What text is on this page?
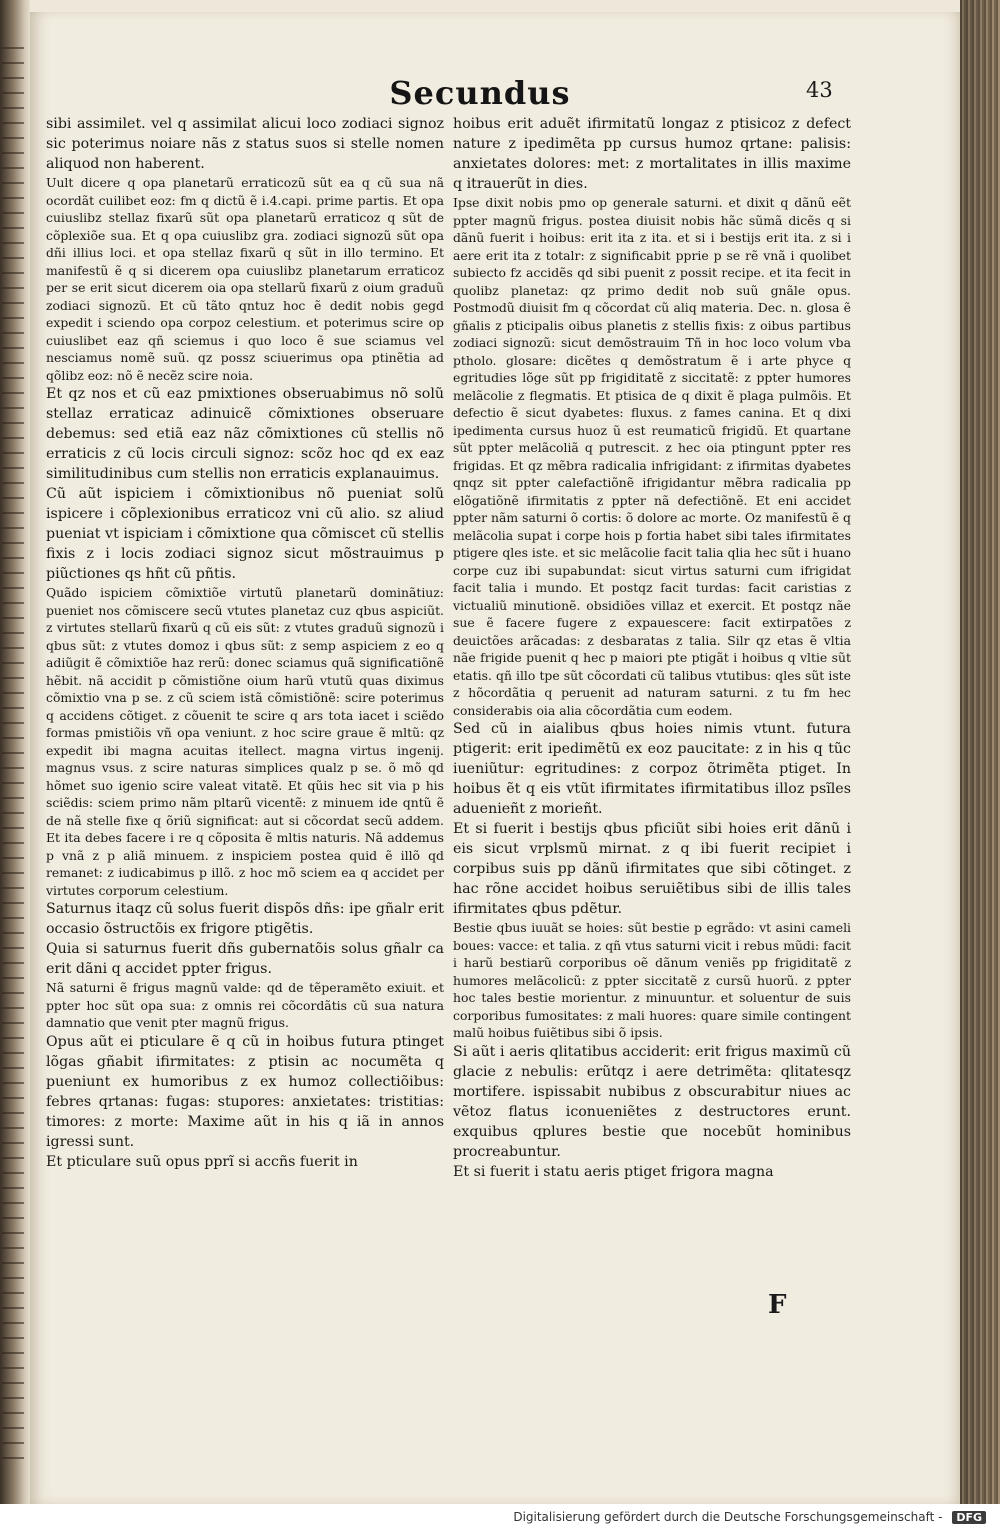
Secundus	43

sibi assimilet. vel q assimilat alicui loco zodiaci signoz sic poterimus noiare nãs z status suos si stelle nomen aliquod non haberent.

Uult dicere q opa planetarũ erraticozũ sũt ea q cũ sua nã ocordãt cuilibet eoz: fm q dictũ ẽ i.4.capi. prime partis. Et opa cuiuslibz stellaz fixarũ sũt opa planetarũ erraticoz q sũt de cõplexiõe sua. Et q opa cuiuslibz gra. zodiaci signozũ sũt opa dñi illius loci. et opa stellaz fixarũ q sũt in illo termino. Et manifestũ ẽ q si dicerem opa cuiuslibz planetarum erraticoz per se erit sicut dicerem oia opa stellarũ fixarũ z oium graduũ zodiaci signozũ. Et cũ tãto qntuz hoc ẽ dedit nobis gegd expedit i sciendo opa corpoz celestium. et poterimus scire op cuiuslibet eaz qñ sciemus i quo loco ẽ sue sciamus vel nesciamus nomẽ suũ. qz possz sciuerimus opa ptinẽtia ad qõlibz eoz: nõ ẽ necẽz scire noia.

Et qz nos et cũ eaz pmixtiones obseruabimus nõ solũ stellaz erraticaz adinuicẽ cõmixtiones obseruare debemus: sed etiã eaz nãz cõmixtiones cũ stellis nõ erraticis z cũ locis circuli signoz: scõz hoc qd ex eaz similitudinibus cum stellis non erraticis explanauimus.

Cũ aũt ispiciem i cõmixtionibus nõ pueniat solũ ispicere i cõplexionibus erraticoz vni cũ alio. sz aliud pueniat vt ispiciam i cõmixtione qua cõmiscet cũ stellis fixis z i locis zodiaci signoz sicut mõstrauimus p piũctiones qs hñt cũ pñtis.

Quãdo ispiciem cõmixtiõe virtutũ planetarũ dominãtiuz: pueniet nos cõmiscere secũ vtutes planetaz cuz qbus aspiciũt. z virtutes stellarũ fixarũ q cũ eis sũt: z vtutes graduũ signozũ i qbus sũt: z vtutes domoz i qbus sũt: z semp aspiciem z eo q adiũgit ẽ cõmixtiõe haz rerũ: donec sciamus quã significatiõnẽ hẽbit. nã accidit p cõmistiõne oium harũ vtutũ quas diximus cõmixtio vna p se. z cũ sciem istã cõmistiõnẽ: scire poterimus q accidens cõtiget. z cõuenit te scire q ars tota iacet i sciẽdo formas pmistiõis vñ opa veniunt. z hoc scire graue ẽ mltũ: qz expedit ibi magna acuitas itellect. magna virtus ingenij. magnus vsus. z scire naturas simplices qualz p se. õ mõ qd hõmet suo igenio scire valeat vitatẽ. Et qũis hec sit via p his sciẽdis: sciem primo nãm pltarũ vicentẽ: z minuem ide qntũ ẽ de nã stelle fixe q õriũ significat: aut si cõcordat secũ addem. Et ita debes facere i re q cõposita ẽ mltis naturis. Nã addemus p vnã z p aliã minuem. z inspiciem postea quid ẽ illõ qd remanet: z iudicabimus p illõ. z hoc mõ sciem ea q accidet per virtutes corporum celestium.

Saturnus itaqz cũ solus fuerit dispõs dñs: ipe gñalr erit occasio õstructõis ex frigore ptigẽtis.

Quia si saturnus fuerit dñs gubernatõis solus gñalr ca erit dãni q accidet ppter frigus.

Nã saturni ẽ frigus magnũ valde: qd de tẽperamẽto exiuit. et ppter hoc sũt opa sua: z omnis rei cõcordãtis cũ sua natura damnatio que venit pter magnũ frigus.

Opus aũt ei pticulare ẽ q cũ in hoibus futura ptinget lõgas gñabit ifirmitates: z ptisin ac nocumẽta q pueniunt ex humoribus z ex humoz collectiõibus: febres qrtanas: fugas: stupores: anxietates: tristitias: timores: z morte: Maxime aũt in his q iã in annos igressi sunt.

Et pticulare suũ opus pprĩ si accñs fuerit in

hoibus erit aduẽt ifirmitatũ longaz z ptisicoz z defect nature z ipedimẽta pp cursus humoz qrtane: palisis: anxietates dolores: met: z mortalitates in illis maxime q itrauerũt in dies.

Ipse dixit nobis pmo op generale saturni. et dixit q dãnũ eẽt ppter magnũ frigus. postea diuisit nobis hãc sũmã dicẽs q si dãnũ fuerit i hoibus: erit ita z ita. et si i bestijs erit ita. z si i aere erit ita z totalr: z significabit pprie p se rẽ vnã i quolibet subiecto fz accidẽs qd sibi puenit z possit recipe. et ita fecit in quolibz planetaz: qz primo dedit nob suũ gnãle opus. Postmodũ diuisit fm q cõcordat cũ aliq materia. Dec. n. glosa ẽ gñalis z pticipalis oibus planetis z stellis fixis: z oibus partibus zodiaci signozũ: sicut demõstrauim Tñ in hoc loco volum vba ptholo. glosare: dicẽtes q demõstratum ẽ i arte phyce q egritudies lõge sũt pp frigiditatẽ z siccitatẽ: z ppter humores melãcolie z flegmatis. Et ptisica de q dixit ẽ plaga pulmõis. Et defectio ẽ sicut dyabetes: fluxus. z fames canina. Et q dixi ipedimenta cursus huoz ũ est reumaticũ frigidũ. Et quartane sũt ppter melãcoliã q putrescit. z hec oia ptingunt ppter res frigidas. Et qz mẽbra radicalia infrigidant: z ifirmitas dyabetes qnqz sit ppter calefactiõnẽ ifrigidantur mẽbra radicalia pp elõgatiõnẽ ifirmitatis z ppter nã defectiõnẽ. Et eni accidet ppter nãm saturni õ cortis: õ dolore ac morte. Oz manifestũ ẽ q melãcolia supat i corpe hois p fortia habet sibi tales ifirmitates ptigere qles iste. et sic melãcolie facit talia qlia hec sũt i huano corpe cuz ibi supabundat: sicut virtus saturni cum ifrigidat facit talia i mundo. Et postqz facit turdas: facit caristias z victualiũ minutionẽ. obsidiões villaz et exercit. Et postqz nãe sue ẽ facere fugere z expauescere: facit extirpatões z deuictões arãcadas: z desbaratas z talia. Silr qz etas ẽ vltia nãe frigide puenit q hec p maiori pte ptigãt i hoibus q vltie sũt etatis. qñ illo tpe sũt cõcordati cũ talibus vtutibus: qles sũt iste z hõcordãtia q peruenit ad naturam saturni. z tu fm hec considerabis oia alia cõcordãtia cum eodem.

Sed cũ in aialibus qbus hoies nimis vtunt. futura ptigerit: erit ipedimẽtũ ex eoz paucitate: z in his q tũc iueniũtur: egritudines: z corpoz õtrimẽta ptiget. In hoibus ẽt q eis vtũt ifirmitates ifirmitatibus illoz psĩles aduenieñt z morieñt.

Et si fuerit i bestijs qbus pficiũt sibi hoies erit dãnũ i eis sicut vrplsmũ mirnat. z q ibi fuerit recipiet i corpibus suis pp dãnũ ifirmitates que sibi cõtinget. z hac rõne accidet hoibus seruiẽtibus sibi de illis tales ifirmitates qbus pdẽtur.

Bestie qbus iuuãt se hoies: sũt bestie p egrãdo: vt asini cameli boues: vacce: et talia. z qñ vtus saturni vicit i rebus mũdi: facit i harũ bestiarũ corporibus oẽ dãnum veniẽs pp frigiditatẽ z humores melãcolicũ: z ppter siccitatẽ z cursũ huorũ. z ppter hoc tales bestie morientur. z minuuntur. et soluentur de suis corporibus fumositates: z mali huores: quare simile contingent malũ hoibus fuiẽtibus sibi õ ipsis.

Si aũt i aeris qlitatibus acciderit: erit frigus maximũ cũ glacie z nebulis: erũtqz i aere detrimẽta: qlitatesqz mortifere. ispissabit nubibus z obscurabitur niues ac vẽtoz flatus iconueniẽtes z destructores erunt. exquibus qplures bestie que nocebũt hominibus procreabuntur.

Et si fuerit i statu aeris ptiget frigora magna

F
Digitalisierung gefördert durch die Deutsche Forschungsgemeinschaft - DFG
